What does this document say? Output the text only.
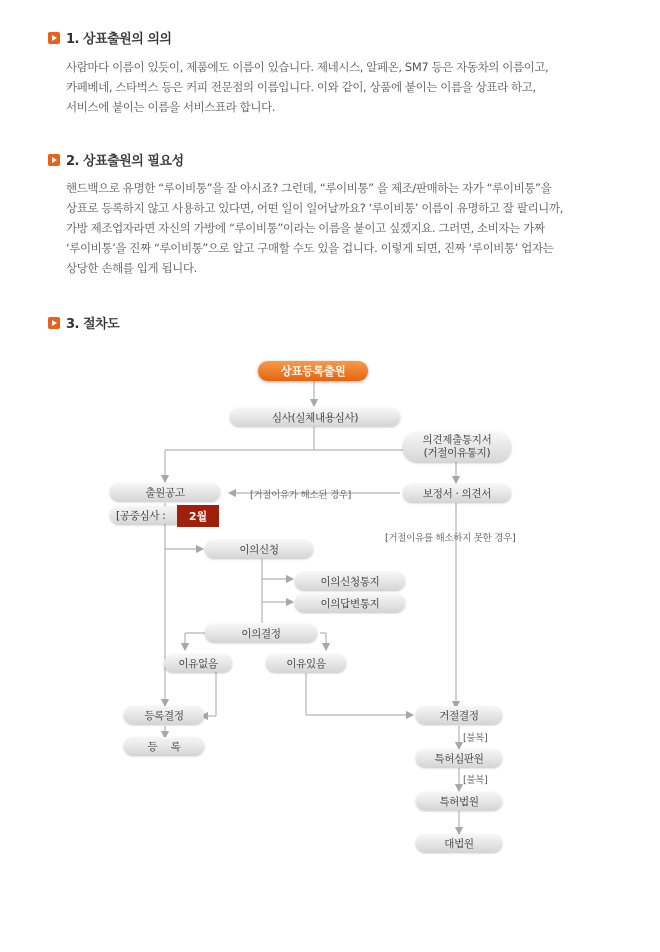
1. 상표출원의 의의
사람마다 이름이 있듯이, 제품에도 이름이 있습니다. 제네시스, 알페온, SM7 등은 자동차의 이름이고,
카페베네, 스타벅스 등은 커피 전문점의 이름입니다. 이와 같이, 상품에 붙이는 이름을 상표라 하고,
서비스에 붙이는 이름을 서비스표라 합니다.
2. 상표출원의 필요성
핸드백으로 유명한 “루이비통”을 잘 아시죠? 그런데, “루이비통” 을 제조/판매하는 자가 “루이비통”을
상표로 등록하지 않고 사용하고 있다면, 어떤 일이 일어날까요? ‘루이비통’ 이름이 유명하고 잘 팔리니까,
가방 제조업자라면 자신의 가방에 “루이비통”이라는 이름을 붙이고 싶겠지요. 그러면, 소비자는 가짜
‘루이비통’을 진짜 “루이비통”으로 알고 구매할 수도 있을 겁니다. 이렇게 되면, 진짜 ‘루이비통’ 업자는
상당한 손해를 입게 됩니다.
3. 절차도
상표등록출원
심사(실체내용심사)
의견제출통지서
(거절이유통지)
보정서 · 의견서
[거절이유가 해소된 경우]
출원공고
[공중심사 :	2월
[거절이유를 해소하지 못한 경우]
이의신청
이의신청통지
이의답변통지
이의결정
이유없음	이유있음
등록결정
등　 록
거절결정
[불복]
특허심판원
[불복]
특허법원
대법원
